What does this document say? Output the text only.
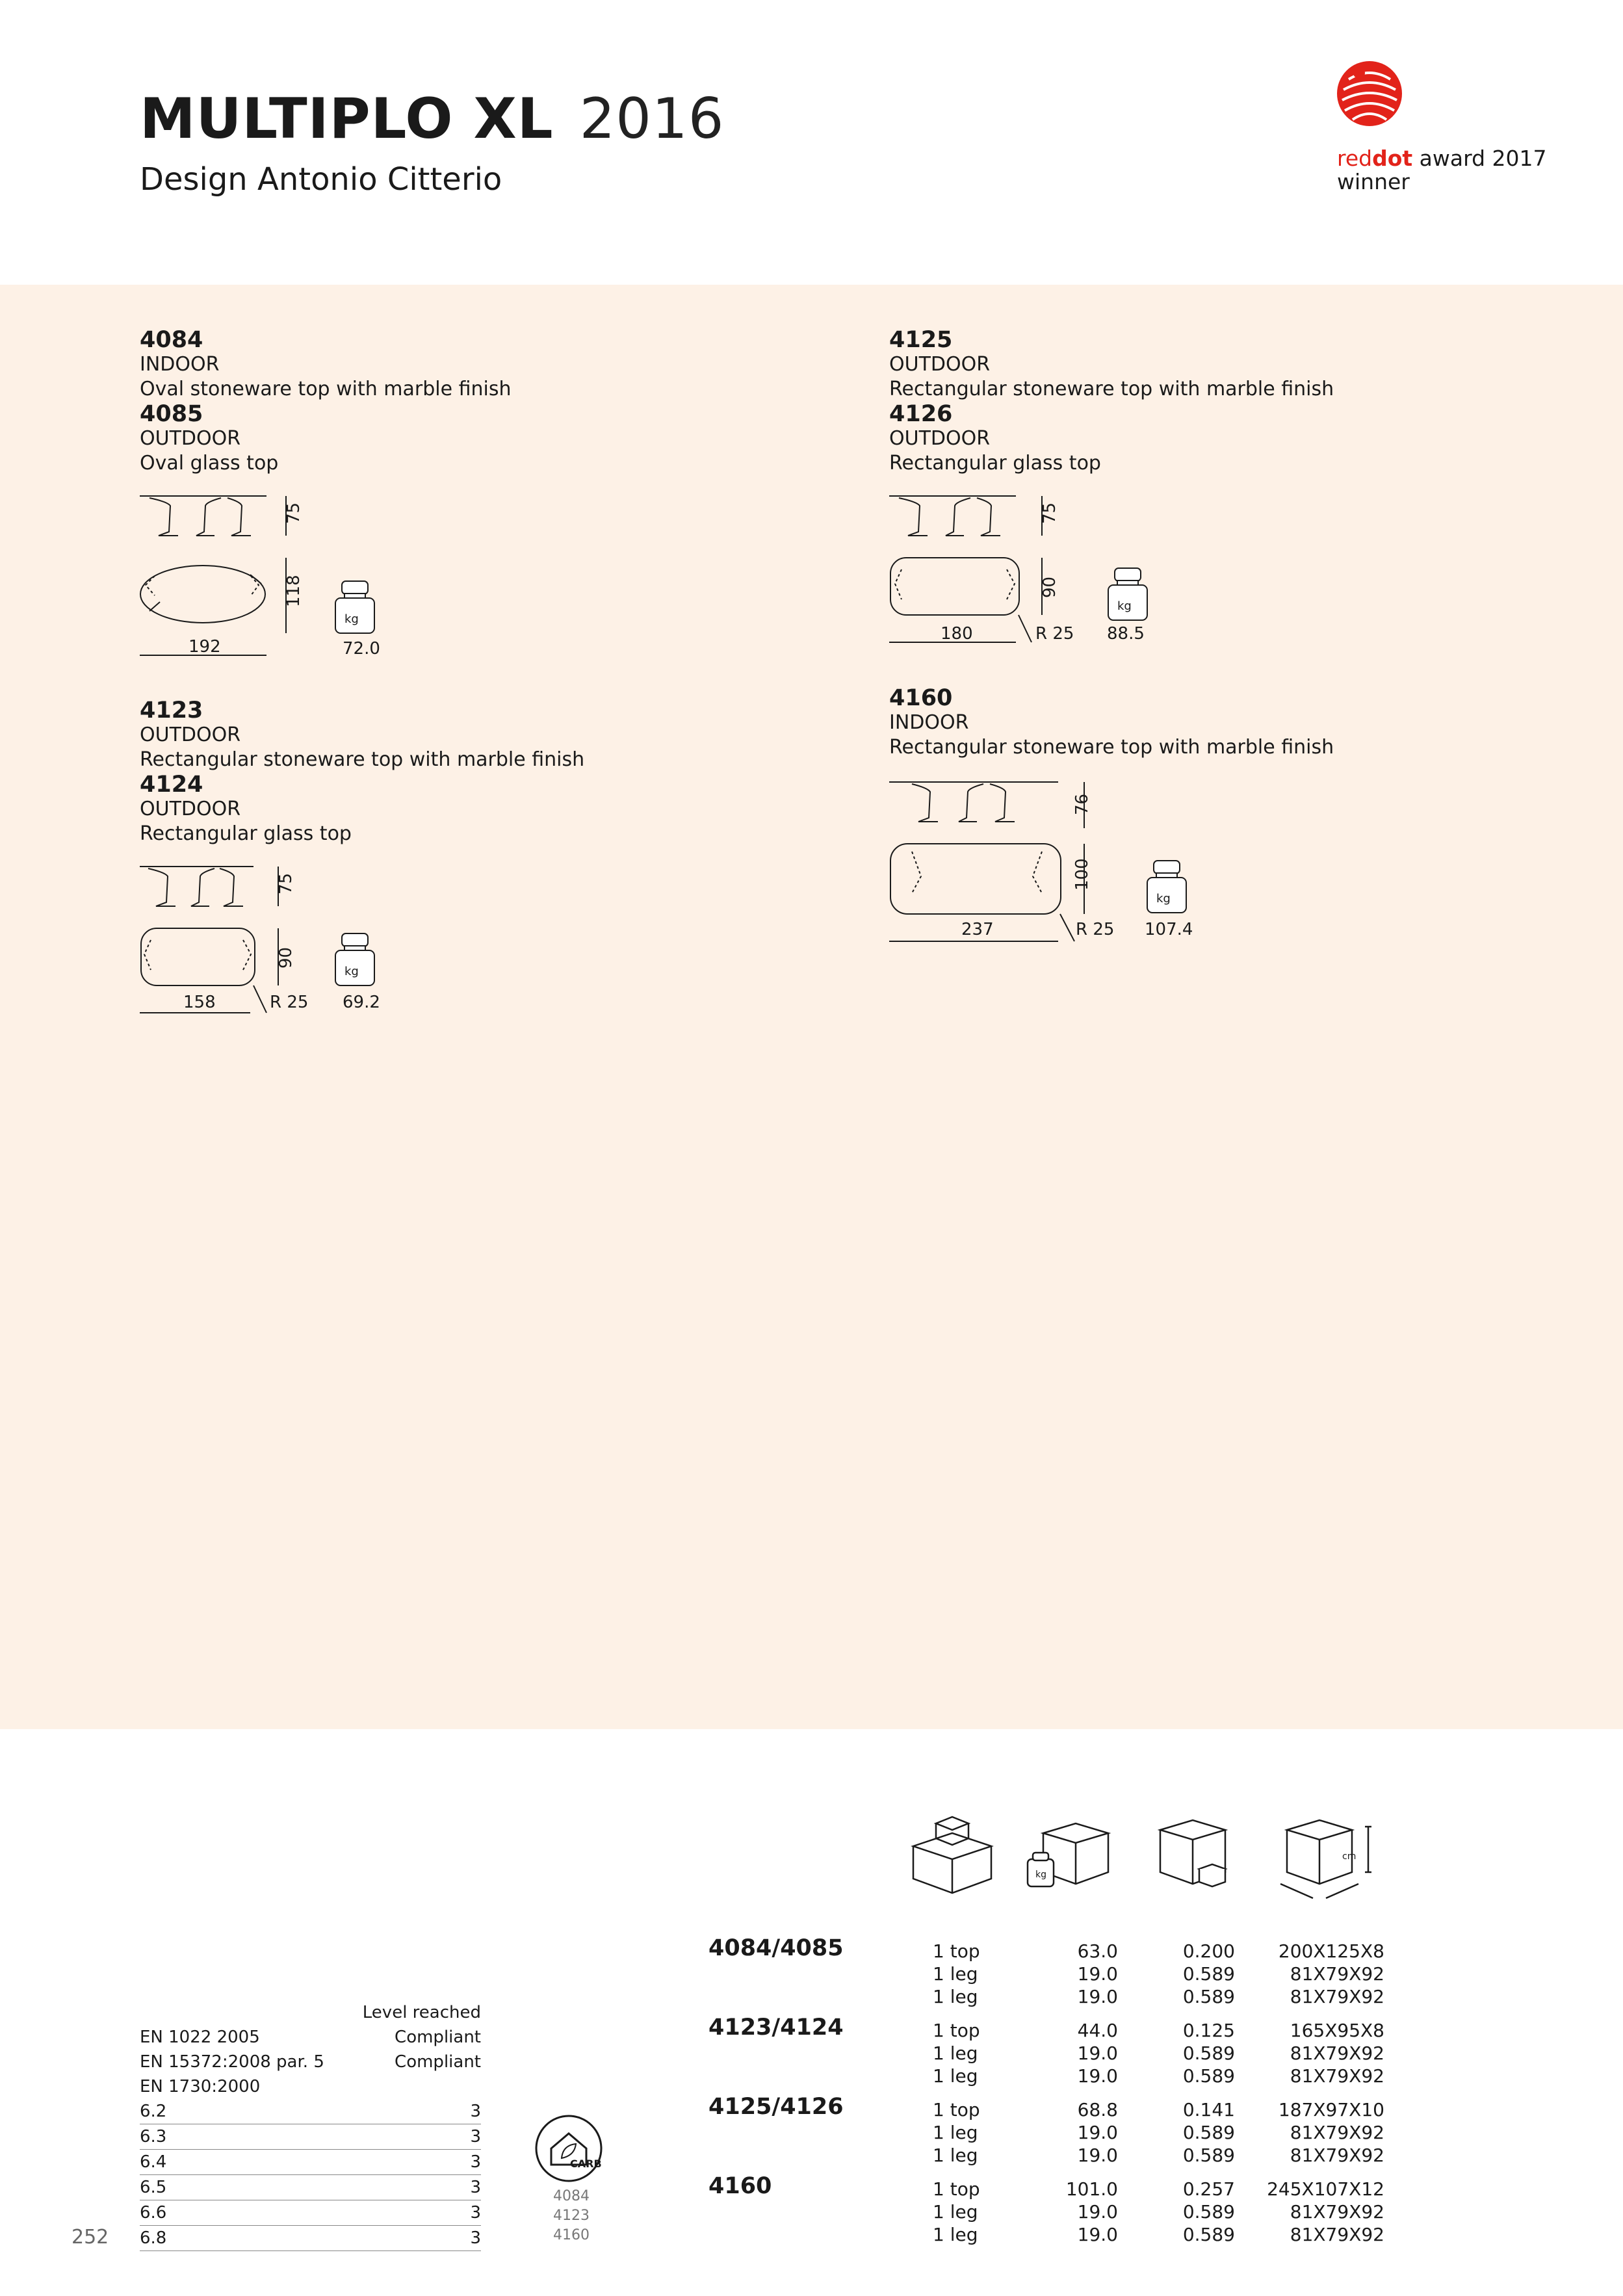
MULTIPLO XL 2016
Design Antonio Citterio
reddot award 2017
winner
4084
INDOOR
Oval stoneware top with marble finish
4085
OUTDOOR
Oval glass top
75
118
192
kg
72.0
4123
OUTDOOR
Rectangular stoneware top with marble finish
4124
OUTDOOR
Rectangular glass top
75
90
158	R 25
kg
69.2
4125
OUTDOOR
Rectangular stoneware top with marble finish
4126
OUTDOOR
Rectangular glass top
75
90
180	R 25
kg
88.5
4160
INDOOR
Rectangular stoneware top with marble finish
76
100
237	R 25
kg
107.4
Level reached
EN 1022 2005	Compliant
EN 15372:2008 par. 5	Compliant
EN 1730:2000
6.2	3
6.3	3
6.4	3
6.5	3
6.6	3
6.8	3
CARB
4084
4123
4160
252
kg
cm
4084/4085	1 top	63.0	0.200	200X125X8
1 leg	19.0	0.589	81X79X92
1 leg	19.0	0.589	81X79X92
4123/4124	1 top	44.0	0.125	165X95X8
1 leg	19.0	0.589	81X79X92
1 leg	19.0	0.589	81X79X92
4125/4126	1 top	68.8	0.141	187X97X10
1 leg	19.0	0.589	81X79X92
1 leg	19.0	0.589	81X79X92
4160	1 top	101.0	0.257	245X107X12
1 leg	19.0	0.589	81X79X92
1 leg	19.0	0.589	81X79X92
